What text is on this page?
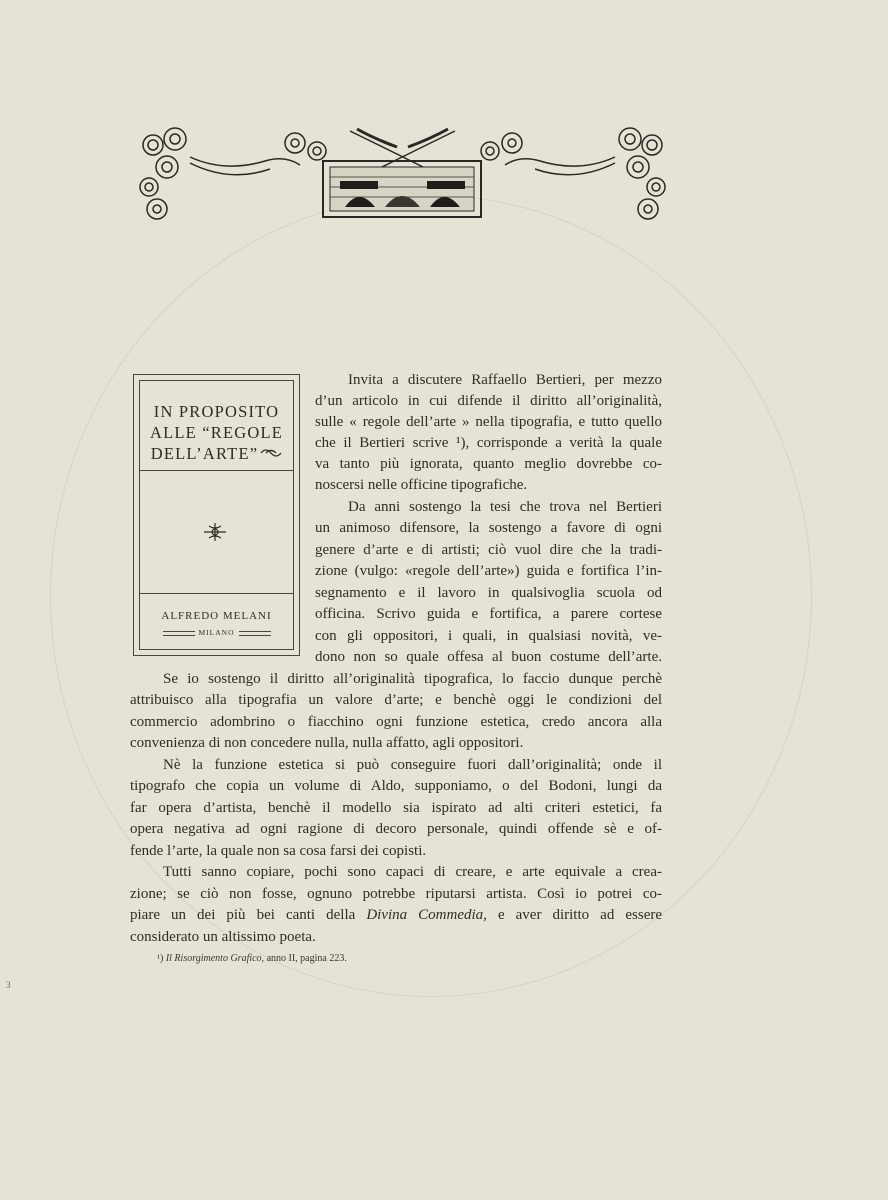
IN PROPOSITO
ALLE “REGOLE
DELL’ARTE”
ALFREDO MELANI
MILANO
Invita a discutere Raffaello Bertieri, per mezzo
d’un articolo in cui difende il diritto all’originalità,
sulle « regole dell’arte » nella tipografia, e tutto quello
che il Bertieri scrive ¹), corrisponde a verità la quale
va tanto più ignorata, quanto meglio dovrebbe co-
noscersi nelle officine tipografiche.
Da anni sostengo la tesi che trova nel Bertieri
un animoso difensore, la sostengo a favore di ogni
genere d’arte e di artisti; ciò vuol dire che la tradi-
zione (vulgo: «regole dell’arte») guida e fortifica l’in-
segnamento e il lavoro in qualsivoglia scuola od
officina. Scrivo guida e fortifica, a parere cortese
con gli oppositori, i quali, in qualsiasi novità, ve-
dono non so quale offesa al buon costume dell’arte.
Se io sostengo il diritto all’originalità tipografica, lo faccio dunque perchè
attribuisco alla tipografia un valore d’arte; e benchè oggi le condizioni del
commercio adombrino o fiacchino ogni funzione estetica, credo ancora alla
convenienza di non concedere nulla, nulla affatto, agli oppositori.
Nè la funzione estetica si può conseguire fuori dall’originalità; onde il
tipografo che copia un volume di Aldo, supponiamo, o del Bodoni, lungi da
far opera d’artista, benchè il modello sia ispirato ad alti criteri estetici, fa
opera negativa ad ogni ragione di decoro personale, quindi offende sè e of-
fende l’arte, la quale non sa cosa farsi dei copisti.
Tutti sanno copiare, pochi sono capaci di creare, e arte equivale a crea-
zione; se ciò non fosse, ognuno potrebbe riputarsi artista. Così io potrei co-
piare un dei più bei canti della Divina Commedia, e aver diritto ad essere
considerato un altissimo poeta.
¹) Il Risorgimento Grafico, anno II, pagina 223.
3
